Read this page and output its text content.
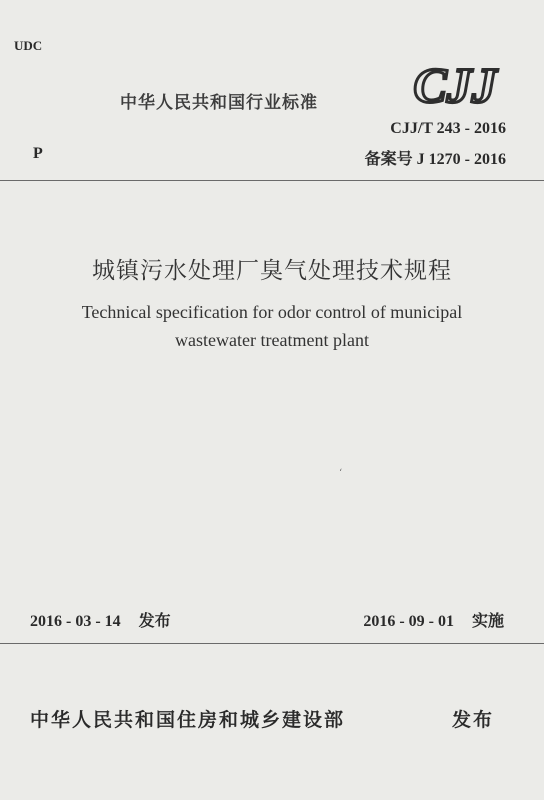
UDC
中华人民共和国行业标准 CJJ
P
CJJ/T 243 - 2016
备案号 J 1270 - 2016
城镇污水处理厂臭气处理技术规程
Technical specification for odor control of municipal
wastewater treatment plant
ʻ
2016 - 03 - 14 发布	2016 - 09 - 01 实施
中华人民共和国住房和城乡建设部	发布
